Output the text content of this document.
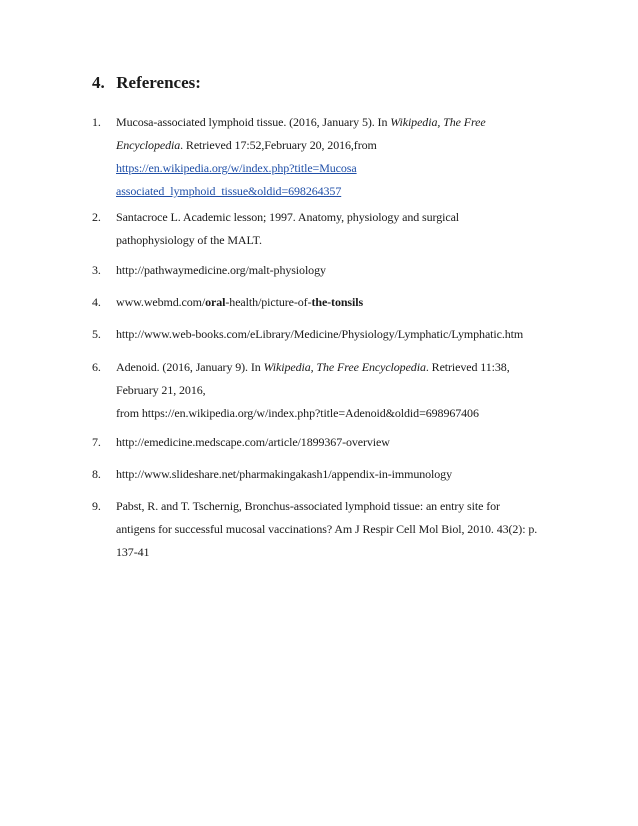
4. References:
1.	Mucosa-associated lymphoid tissue. (2016, January 5). In Wikipedia, The Free
Encyclopedia. Retrieved 17:52,February 20, 2016,from
https://en.wikipedia.org/w/index.php?title=Mucosa
associated_lymphoid_tissue&oldid=698264357
2.	Santacroce L. Academic lesson; 1997. Anatomy, physiology and surgical
pathophysiology of the MALT.
3.	http://pathwaymedicine.org/malt-physiology
4.	www.webmd.com/oral-health/picture-of-the-tonsils
5.	http://www.web-books.com/eLibrary/Medicine/Physiology/Lymphatic/Lymphatic.htm
6.	Adenoid. (2016, January 9). In Wikipedia, The Free Encyclopedia. Retrieved 11:38,
February 21, 2016,
from https://en.wikipedia.org/w/index.php?title=Adenoid&oldid=698967406
7.	http://emedicine.medscape.com/article/1899367-overview
8.	http://www.slideshare.net/pharmakingakash1/appendix-in-immunology
9.	Pabst, R. and T. Tschernig, Bronchus-associated lymphoid tissue: an entry site for
antigens for successful mucosal vaccinations? Am J Respir Cell Mol Biol, 2010. 43(2): p.
137-41
